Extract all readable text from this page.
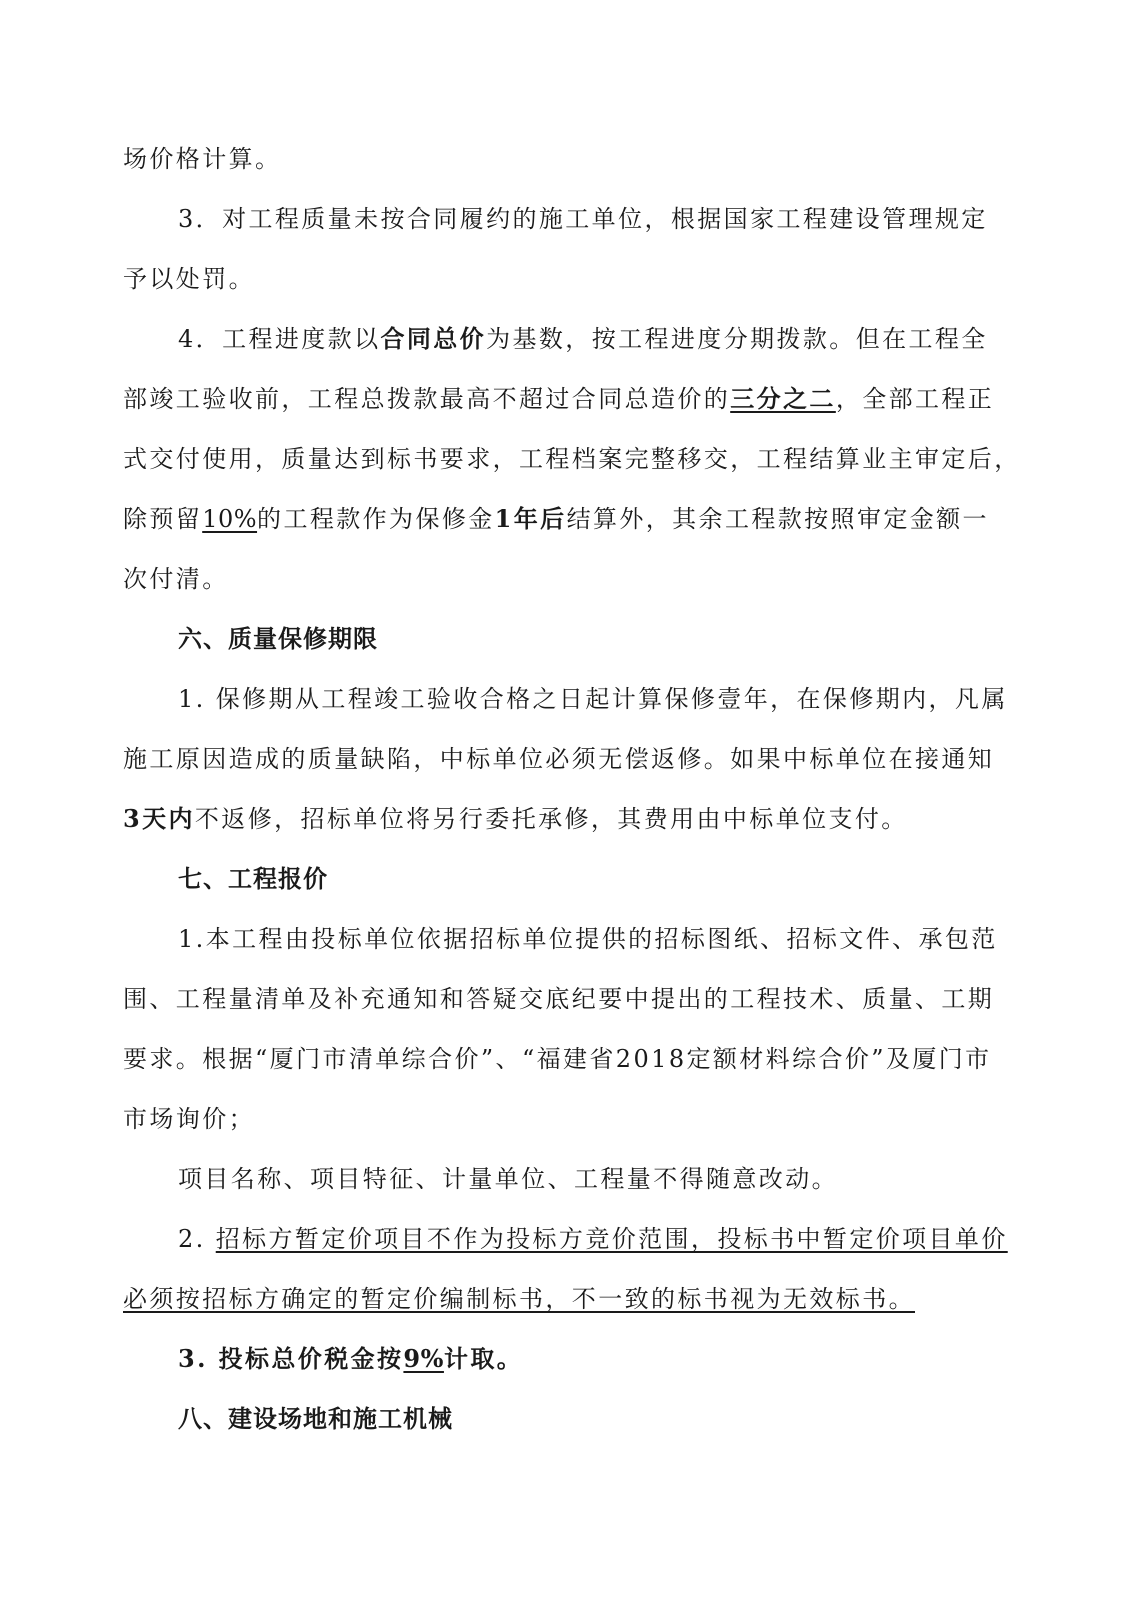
场价格计算。
3．对工程质量未按合同履约的施工单位，根据国家工程建设管理规定
予以处罚。
4．工程进度款以合同总价为基数，按工程进度分期拨款。但在工程全
部竣工验收前，工程总拨款最高不超过合同总造价的三分之二，全部工程正
式交付使用，质量达到标书要求，工程档案完整移交，工程结算业主审定后，
除预留10%的工程款作为保修金1年后结算外，其余工程款按照审定金额一
次付清。
六、质量保修期限
1. 保修期从工程竣工验收合格之日起计算保修壹年，在保修期内，凡属
施工原因造成的质量缺陷，中标单位必须无偿返修。如果中标单位在接通知
3天内不返修，招标单位将另行委托承修，其费用由中标单位支付。
七、工程报价
1.本工程由投标单位依据招标单位提供的招标图纸、招标文件、承包范
围、工程量清单及补充通知和答疑交底纪要中提出的工程技术、质量、工期
要求。根据“厦门市清单综合价”、“福建省2018定额材料综合价”及厦门市
市场询价；
项目名称、项目特征、计量单位、工程量不得随意改动。
2. 招标方暂定价项目不作为投标方竞价范围，投标书中暂定价项目单价
必须按招标方确定的暂定价编制标书，不一致的标书视为无效标书。
3. 投标总价税金按9%计取。
八、建设场地和施工机械
